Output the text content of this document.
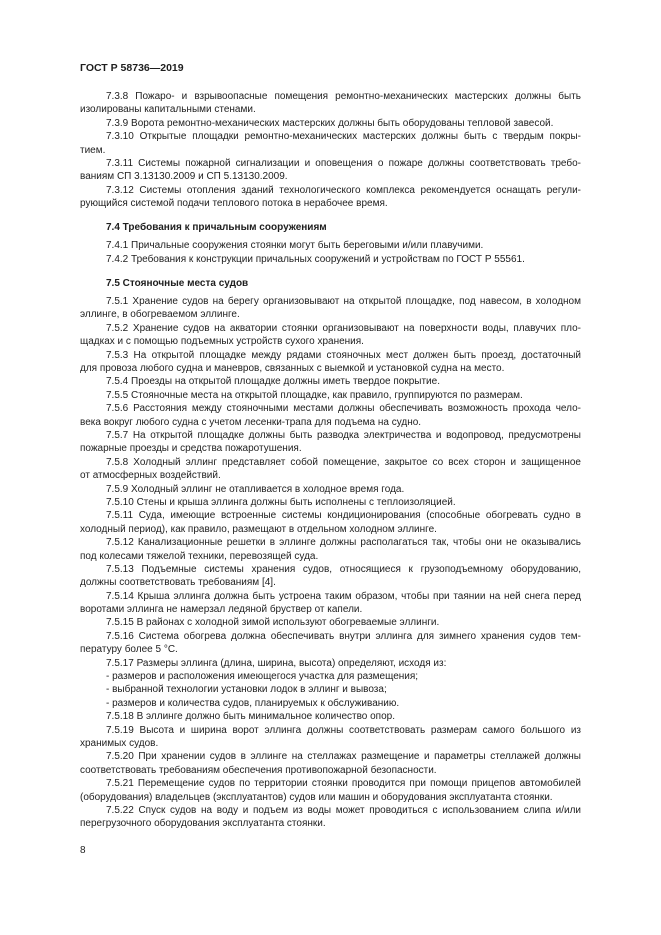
ГОСТ Р 58736—2019
7.3.8 Пожаро- и взрывоопасные помещения ремонтно-механических мастерских должны быть
изолированы капитальными стенами.
7.3.9 Ворота ремонтно-механических мастерских должны быть оборудованы тепловой завесой.
7.3.10 Открытые площадки ремонтно-механических мастерских должны быть с твердым покры-
тием.
7.3.11 Системы пожарной сигнализации и оповещения о пожаре должны соответствовать требо-
ваниям СП 3.13130.2009 и СП 5.13130.2009.
7.3.12 Системы отопления зданий технологического комплекса рекомендуется оснащать регули-
рующийся системой подачи теплового потока в нерабочее время.
7.4 Требования к причальным сооружениям
7.4.1 Причальные сооружения стоянки могут быть береговыми и/или плавучими.
7.4.2 Требования к конструкции причальных сооружений и устройствам по ГОСТ Р 55561.
7.5 Стояночные места судов
7.5.1 Хранение судов на берегу организовывают на открытой площадке, под навесом, в холодном
эллинге, в обогреваемом эллинге.
7.5.2 Хранение судов на акватории стоянки организовывают на поверхности воды, плавучих пло-
щадках и с помощью подъемных устройств сухого хранения.
7.5.3 На открытой площадке между рядами стояночных мест должен быть проезд, достаточный
для провоза любого судна и маневров, связанных с выемкой и установкой судна на место.
7.5.4 Проезды на открытой площадке должны иметь твердое покрытие.
7.5.5 Стояночные места на открытой площадке, как правило, группируются по размерам.
7.5.6 Расстояния между стояночными местами должны обеспечивать возможность прохода чело-
века вокруг любого судна с учетом лесенки-трапа для подъема на судно.
7.5.7 На открытой площадке должны быть разводка электричества и водопровод, предусмотрены
пожарные проезды и средства пожаротушения.
7.5.8 Холодный эллинг представляет собой помещение, закрытое со всех сторон и защищенное
от атмосферных воздействий.
7.5.9 Холодный эллинг не отапливается в холодное время года.
7.5.10 Стены и крыша эллинга должны быть исполнены с теплоизоляцией.
7.5.11 Суда, имеющие встроенные системы кондиционирования (способные обогревать судно в
холодный период), как правило, размещают в отдельном холодном эллинге.
7.5.12 Канализационные решетки в эллинге должны располагаться так, чтобы они не оказывались
под колесами тяжелой техники, перевозящей суда.
7.5.13 Подъемные системы хранения судов, относящиеся к грузоподъемному оборудованию,
должны соответствовать требованиям [4].
7.5.14 Крыша эллинга должна быть устроена таким образом, чтобы при таянии на ней снега перед
воротами эллинга не намерзал ледяной бруствер от капели.
7.5.15 В районах с холодной зимой используют обогреваемые эллинги.
7.5.16 Система обогрева должна обеспечивать внутри эллинга для зимнего хранения судов тем-
пературу более 5 °С.
7.5.17 Размеры эллинга (длина, ширина, высота) определяют, исходя из:
- размеров и расположения имеющегося участка для размещения;
- выбранной технологии установки лодок в эллинг и вывоза;
- размеров и количества судов, планируемых к обслуживанию.
7.5.18 В эллинге должно быть минимальное количество опор.
7.5.19 Высота и ширина ворот эллинга должны соответствовать размерам самого большого из
хранимых судов.
7.5.20 При хранении судов в эллинге на стеллажах размещение и параметры стеллажей должны
соответствовать требованиям обеспечения противопожарной безопасности.
7.5.21 Перемещение судов по территории стоянки проводится при помощи прицепов автомобилей
(оборудования) владельцев (эксплуатантов) судов или машин и оборудования эксплуатанта стоянки.
7.5.22 Спуск судов на воду и подъем из воды может проводиться с использованием слипа и/или
перегрузочного оборудования эксплуатанта стоянки.
8
